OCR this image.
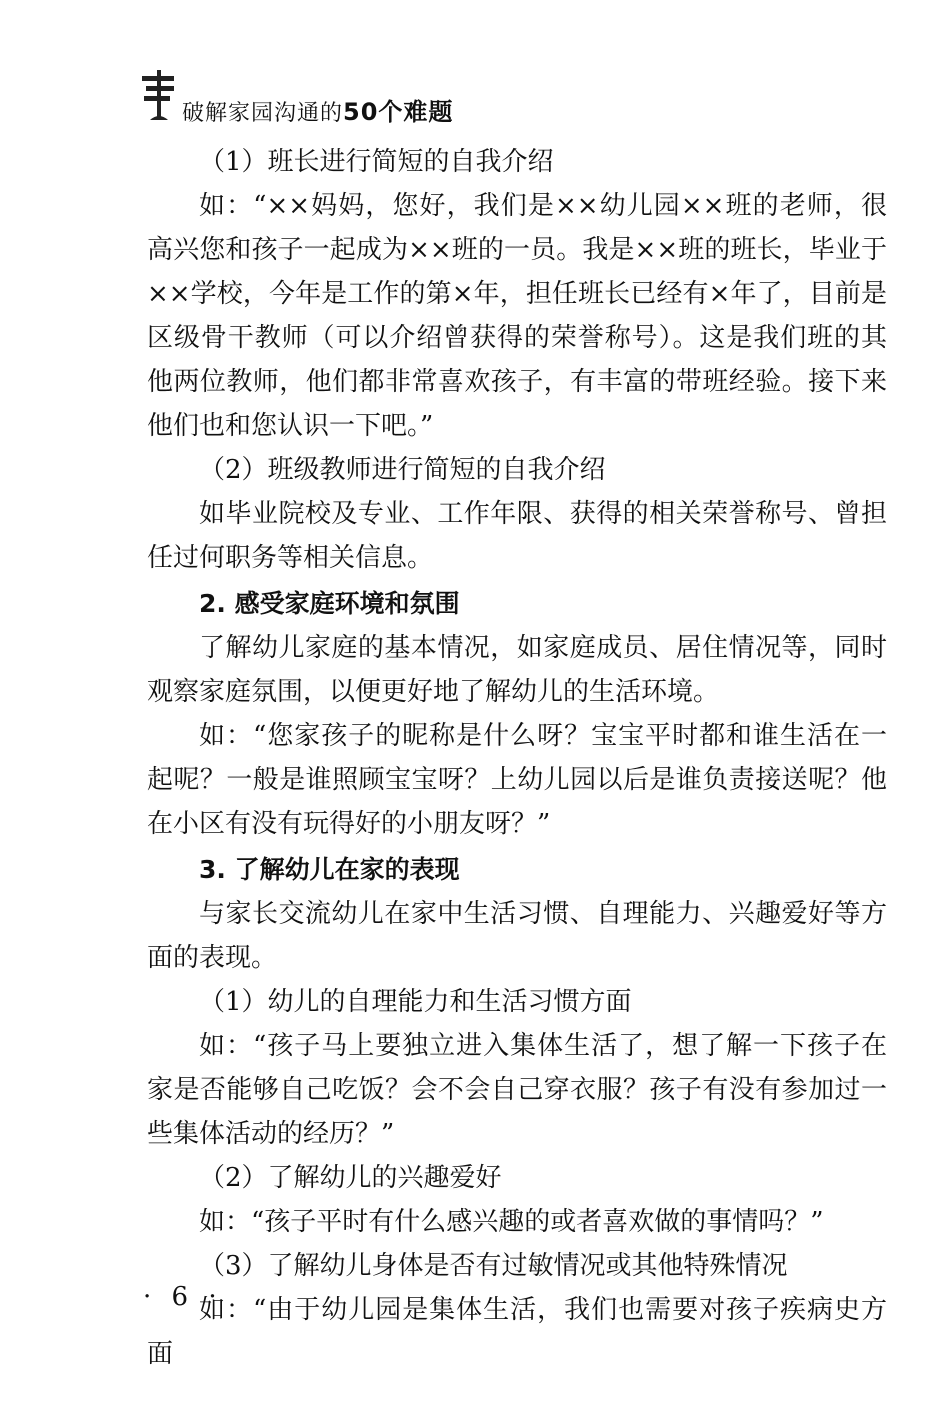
破解家园沟通的50个难题

（1）班长进行简短的自我介绍

如：“××妈妈，您好，我们是××幼儿园××班的老师，很高兴您和孩子一起成为××班的一员。我是××班的班长，毕业于××学校，今年是工作的第×年，担任班长已经有×年了，目前是区级骨干教师（可以介绍曾获得的荣誉称号）。这是我们班的其他两位教师，他们都非常喜欢孩子，有丰富的带班经验。接下来他们也和您认识一下吧。”

（2）班级教师进行简短的自我介绍

如毕业院校及专业、工作年限、获得的相关荣誉称号、曾担任过何职务等相关信息。

2. 感受家庭环境和氛围

了解幼儿家庭的基本情况，如家庭成员、居住情况等，同时观察家庭氛围，以便更好地了解幼儿的生活环境。

如：“您家孩子的昵称是什么呀？宝宝平时都和谁生活在一起呢？一般是谁照顾宝宝呀？上幼儿园以后是谁负责接送呢？他在小区有没有玩得好的小朋友呀？”

3. 了解幼儿在家的表现

与家长交流幼儿在家中生活习惯、自理能力、兴趣爱好等方面的表现。

（1）幼儿的自理能力和生活习惯方面

如：“孩子马上要独立进入集体生活了，想了解一下孩子在家是否能够自己吃饭？会不会自己穿衣服？孩子有没有参加过一些集体活动的经历？”

（2）了解幼儿的兴趣爱好

如：“孩子平时有什么感兴趣的或者喜欢做的事情吗？”

（3）了解幼儿身体是否有过敏情况或其他特殊情况

如：“由于幼儿园是集体生活，我们也需要对孩子疾病史方面

· 6 ·
